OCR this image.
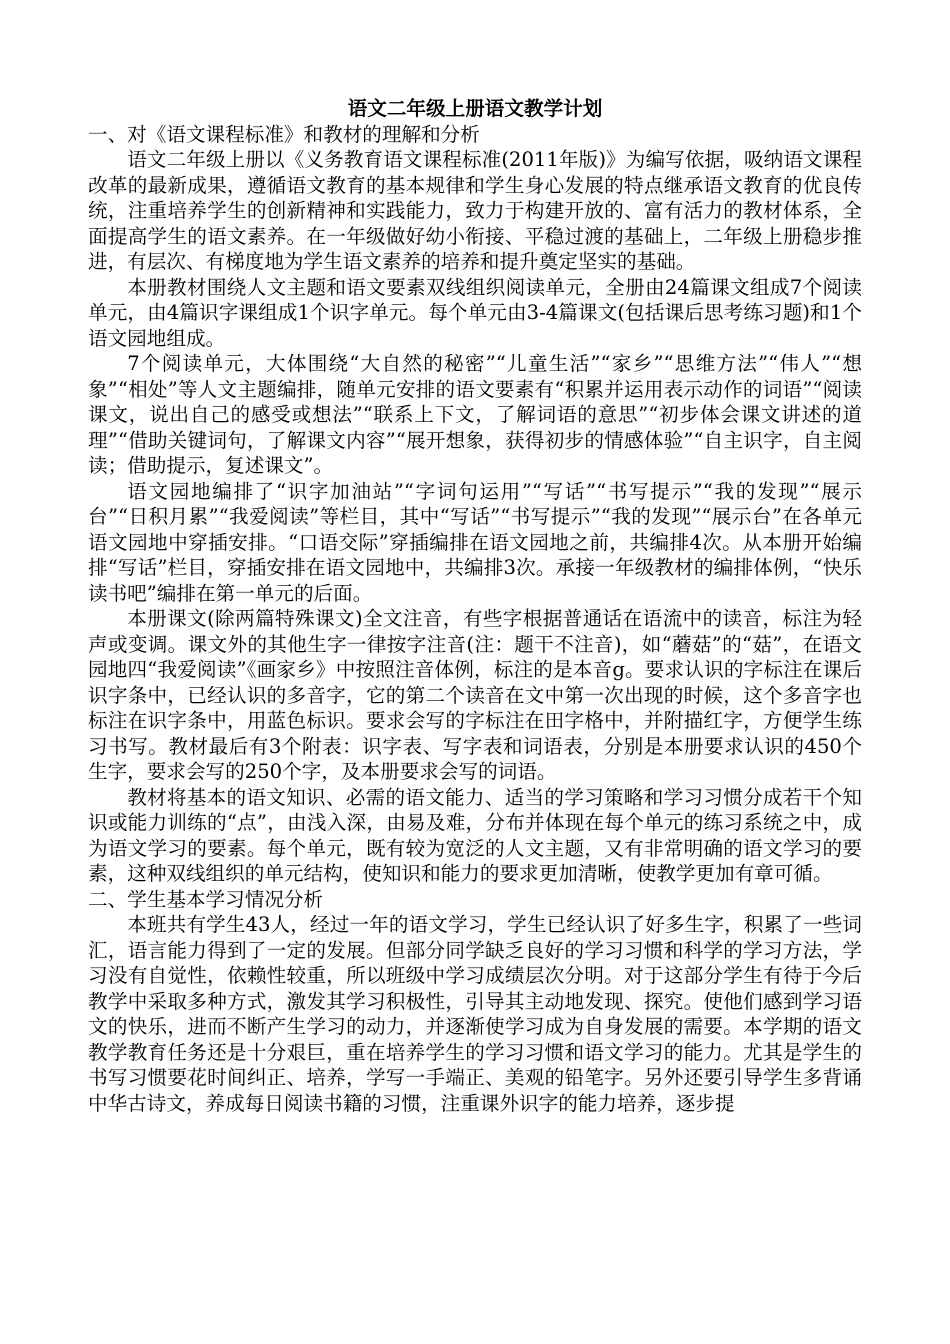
语文二年级上册语文教学计划

一、对《语文课程标准》和教材的理解和分析

语文二年级上册以《义务教育语文课程标准(2011年版)》为编写依据，吸纳语文课程改革的最新成果，遵循语文教育的基本规律和学生身心发展的特点继承语文教育的优良传统，注重培养学生的创新精神和实践能力，致力于构建开放的、富有活力的教材体系，全面提高学生的语文素养。在一年级做好幼小衔接、平稳过渡的基础上，二年级上册稳步推进，有层次、有梯度地为学生语文素养的培养和提升奠定坚实的基础。

本册教材围绕人文主题和语文要素双线组织阅读单元，全册由24篇课文组成7个阅读单元，由4篇识字课组成1个识字单元。每个单元由3-4篇课文(包括课后思考练习题)和1个语文园地组成。

7个阅读单元，大体围绕“大自然的秘密”“儿童生活”“家乡”“思维方法”“伟人”“想象”“相处”等人文主题编排，随单元安排的语文要素有“积累并运用表示动作的词语”“阅读课文，说出自己的感受或想法”“联系上下文，了解词语的意思”“初步体会课文讲述的道理”“借助关键词句，了解课文内容”“展开想象，获得初步的情感体验”“自主识字，自主阅读；借助提示，复述课文”。

语文园地编排了“识字加油站”“字词句运用”“写话”“书写提示”“我的发现”“展示台”“日积月累”“我爱阅读”等栏目，其中“写话”“书写提示”“我的发现”“展示台”在各单元语文园地中穿插安排。“口语交际”穿插编排在语文园地之前，共编排4次。从本册开始编排“写话”栏目，穿插安排在语文园地中，共编排3次。承接一年级教材的编排体例，“快乐读书吧”编排在第一单元的后面。

本册课文(除两篇特殊课文)全文注音，有些字根据普通话在语流中的读音，标注为轻声或变调。课文外的其他生字一律按字注音(注：题干不注音)，如“蘑菇”的“菇”，在语文园地四“我爱阅读”《画家乡》中按照注音体例，标注的是本音g。要求认识的字标注在课后识字条中，已经认识的多音字，它的第二个读音在文中第一次出现的时候，这个多音字也标注在识字条中，用蓝色标识。要求会写的字标注在田字格中，并附描红字，方便学生练习书写。教材最后有3个附表：识字表、写字表和词语表，分别是本册要求认识的450个生字，要求会写的250个字，及本册要求会写的词语。

教材将基本的语文知识、必需的语文能力、适当的学习策略和学习习惯分成若干个知识或能力训练的“点”，由浅入深，由易及难，分布并体现在每个单元的练习系统之中，成为语文学习的要素。每个单元，既有较为宽泛的人文主题，又有非常明确的语文学习的要素，这种双线组织的单元结构，使知识和能力的要求更加清晰，使教学更加有章可循。

二、学生基本学习情况分析

本班共有学生43人，经过一年的语文学习，学生已经认识了好多生字，积累了一些词汇，语言能力得到了一定的发展。但部分同学缺乏良好的学习习惯和科学的学习方法，学习没有自觉性，依赖性较重，所以班级中学习成绩层次分明。对于这部分学生有待于今后教学中采取多种方式，激发其学习积极性，引导其主动地发现、探究。使他们感到学习语文的快乐，进而不断产生学习的动力，并逐渐使学习成为自身发展的需要。本学期的语文教学教育任务还是十分艰巨，重在培养学生的学习习惯和语文学习的能力。尤其是学生的书写习惯要花时间纠正、培养，学写一手端正、美观的铅笔字。另外还要引导学生多背诵中华古诗文，养成每日阅读书籍的习惯，注重课外识字的能力培养，逐步提
